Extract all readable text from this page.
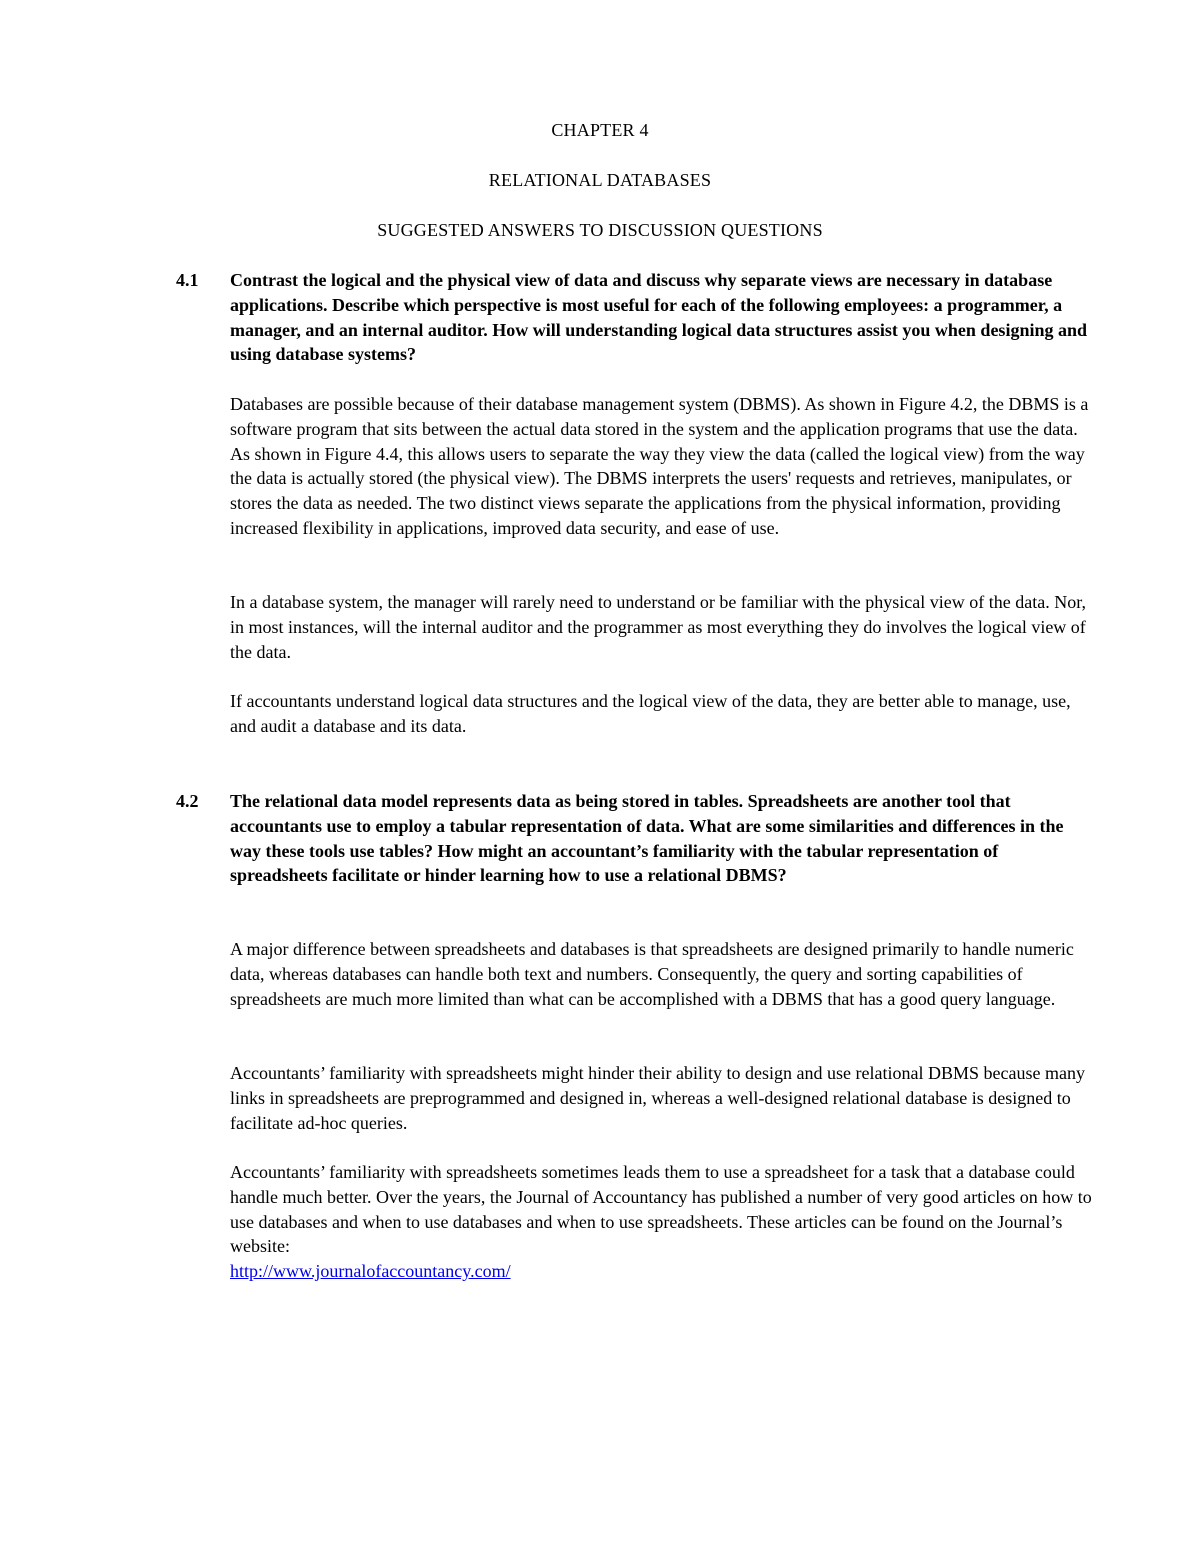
CHAPTER 4
RELATIONAL DATABASES
SUGGESTED ANSWERS TO DISCUSSION QUESTIONS
4.1 Contrast the logical and the physical view of data and discuss why separate views are necessary in database applications. Describe which perspective is most useful for each of the following employees: a programmer, a manager, and an internal auditor. How will understanding logical data structures assist you when designing and using database systems?

Databases are possible because of their database management system (DBMS). As shown in Figure 4.2, the DBMS is a software program that sits between the actual data stored in the system and the application programs that use the data. As shown in Figure 4.4, this allows users to separate the way they view the data (called the logical view) from the way the data is actually stored (the physical view). The DBMS interprets the users' requests and retrieves, manipulates, or stores the data as needed. The two distinct views separate the applications from the physical information, providing increased flexibility in applications, improved data security, and ease of use.

In a database system, the manager will rarely need to understand or be familiar with the physical view of the data. Nor, in most instances, will the internal auditor and the programmer as most everything they do involves the logical view of the data.

If accountants understand logical data structures and the logical view of the data, they are better able to manage, use, and audit a database and its data.

4.2 The relational data model represents data as being stored in tables. Spreadsheets are another tool that accountants use to employ a tabular representation of data. What are some similarities and differences in the way these tools use tables? How might an accountant’s familiarity with the tabular representation of spreadsheets facilitate or hinder learning how to use a relational DBMS?

A major difference between spreadsheets and databases is that spreadsheets are designed primarily to handle numeric data, whereas databases can handle both text and numbers. Consequently, the query and sorting capabilities of spreadsheets are much more limited than what can be accomplished with a DBMS that has a good query language.

Accountants’ familiarity with spreadsheets might hinder their ability to design and use relational DBMS because many links in spreadsheets are preprogrammed and designed in, whereas a well-designed relational database is designed to facilitate ad-hoc queries.

Accountants’ familiarity with spreadsheets sometimes leads them to use a spreadsheet for a task that a database could handle much better. Over the years, the Journal of Accountancy has published a number of very good articles on how to use databases and when to use databases and when to use spreadsheets. These articles can be found on the Journal’s website:

http://www.journalofaccountancy.com/
